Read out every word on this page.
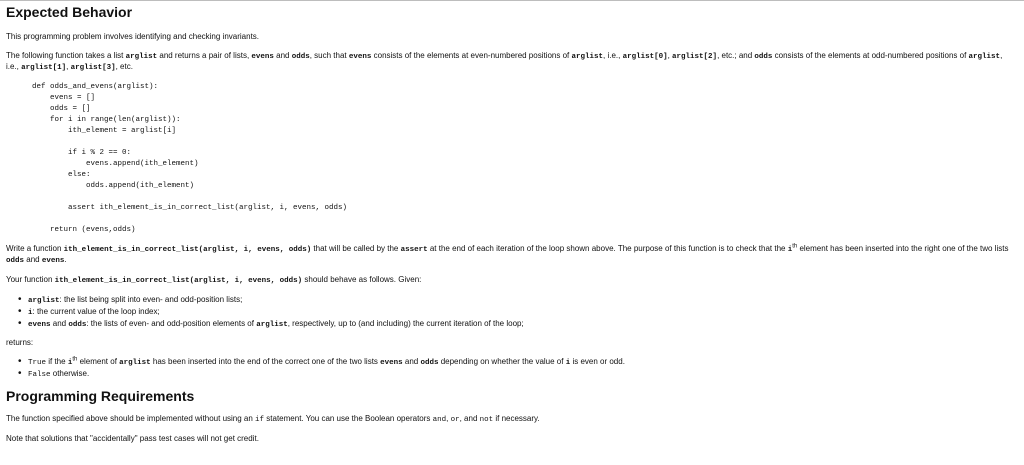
Expected Behavior

This programming problem involves identifying and checking invariants.

The following function takes a list arglist and returns a pair of lists, evens and odds, such that evens consists of the elements at even-numbered positions of arglist, i.e., arglist[0], arglist[2], etc.; and odds consists of the elements at odd-numbered positions of arglist, i.e., arglist[1], arglist[3], etc.

def odds_and_evens(arglist):
evens = []
odds = []
for i in range(len(arglist)):
ith_element = arglist[i]

if i % 2 == 0:
evens.append(ith_element)
else:
odds.append(ith_element)

assert ith_element_is_in_correct_list(arglist, i, evens, odds)

return (evens,odds)

Write a function ith_element_is_in_correct_list(arglist, i, evens, odds) that will be called by the assert at the end of each iteration of the loop shown above. The purpose of this function is to check that the $i^{th}$ element has been inserted into the right one of the two lists odds and evens.

Your function ith_element_is_in_correct_list(arglist, i, evens, odds) should behave as follows. Given:

• arglist: the list being split into even- and odd-position lists;
• i: the current value of the loop index;
• evens and odds: the lists of even- and odd-position elements of arglist, respectively, up to (and including) the current iteration of the loop;

returns:

• True if the $i^{th}$ element of arglist has been inserted into the end of the correct one of the two lists evens and odds depending on whether the value of i is even or odd.
• False otherwise.
Programming Requirements

The function specified above should be implemented without using an if statement. You can use the Boolean operators and, or, and not if necessary.

Note that solutions that "accidentally" pass test cases will not get credit.
